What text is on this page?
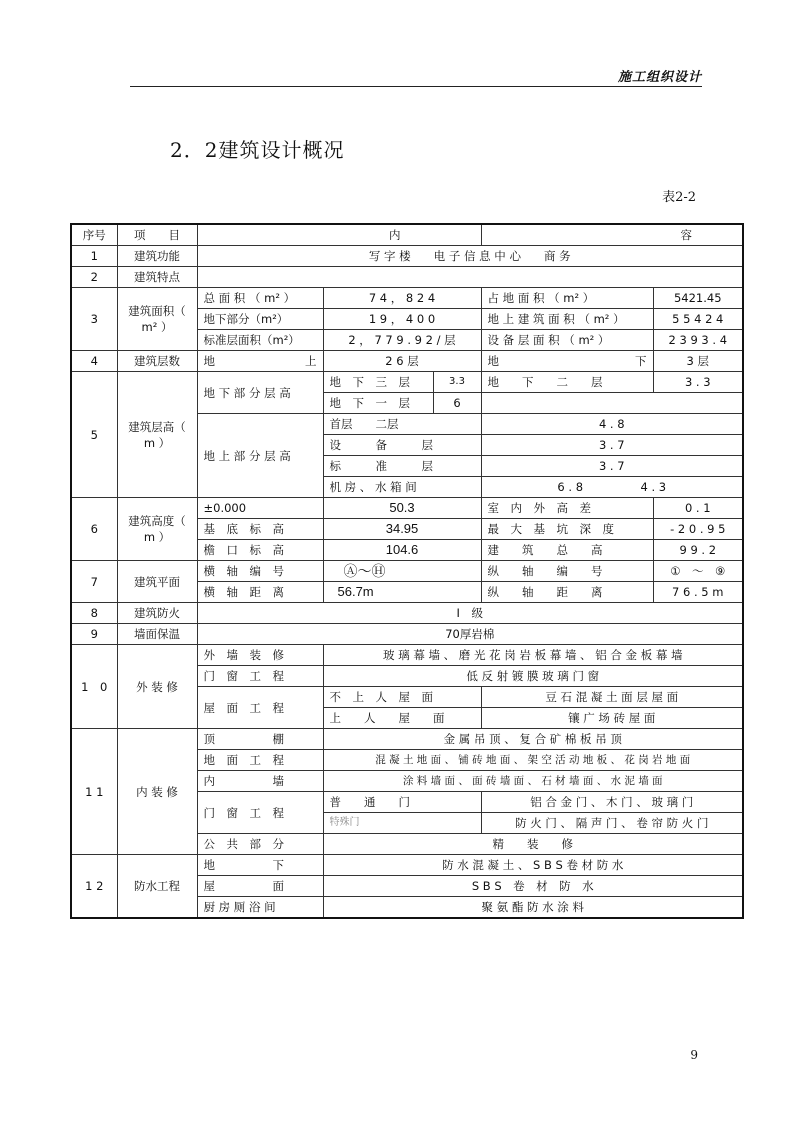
施工组织设计
2．2建筑设计概况
表2-2
序号	项　　目	内			容	
1	建筑功能	写 字 楼　　电 子 信 息 中 心　　商 务				
2	建筑特点					
3	建筑面积（ m² ）	总 面 积 （ m² ）	7 4 ， 8 2 4		占 地 面 积 （ m² ）	5421.45
		地下部分（m²）	1 9 ， 4 0 0		地 上 建 筑 面 积 （ m² ）	5 5 4 2 4
		标准层面积（m²）	2 ， 7 7 9 . 9 2 / 层		设 备 层 面 积 （ m² ）	2 3 9 3 . 4
4	建筑层数	地 上	2 6 层		地 下	3 层
5	建筑层高（ m ）	地 下 部 分 层 高	地　下　三　层	3.3	地　　下　　二　　层	3 . 3
			地　下　一　层	6		
		地 上 部 分 层 高	首层　　二层		4 . 8	
			设　　　备　　　层		3 . 7	
			标　　　准　　　层		3 . 7	
			机 房 、 水 箱 间		6 . 8　　　　　 4 . 3	
6	建筑高度（ m ）	±0.000	50.3		室　内　外　高　差	0 . 1
		基　底　标　高	34.95		最　大　基　坑　深　度	- 2 0 . 9 5
		檐　口　标　高	104.6		建　　筑　　总　　高	9 9 . 2
7	建筑平面	横　轴　编　号	Ⓐ～Ⓗ		纵　　轴　　编　　号	①　～　⑨
		横　轴　距　离	56.7m		纵　　轴　　距　　离	7 6 . 5 m
8	建筑防火	I　级				
9	墙面保温	70厚岩棉				
1　0	外 装 修	外　墙　装　修	玻 璃 幕 墙 、 磨 光 花 岗 岩 板 幕 墙 、 铝 合 金 板 幕 墙			
		门　窗　工　程	低 反 射 镀 膜 玻 璃 门 窗			
		屋　面　工　程	不　上　人　屋　面		豆 石 混 凝 土 面 层 屋 面	
			上　　人　　屋　　面		镶 广 场 砖 屋 面	
1 1	内 装 修	顶　　　　　棚	金 属 吊 顶 、 复 合 矿 棉 板 吊 顶			
		地　面　工　程	混 凝 土 地 面 、 铺 砖 地 面 、 架 空 活 动 地 板 、 花 岗 岩 地 面			
		内　　　　　墙	涂 料 墙 面 、 面 砖 墙 面 、 石 材 墙 面 、 水 泥 墙 面			
		门　窗　工　程	普　　通　　门		铝 合 金 门 、 木 门 、 玻 璃 门	
			特殊门		防 火 门 、 隔 声 门 、 卷 帘 防 火 门	
		公　共　部　分	精　　装　　修			
1 2	防水工程	地　　　　　下	防 水 混 凝 土 、 S B S 卷 材 防 水			
		屋　　　　　面	S B S　卷　材　防　水			
		厨 房 厕 浴 间	聚 氨 酯 防 水 涂 料			
9
